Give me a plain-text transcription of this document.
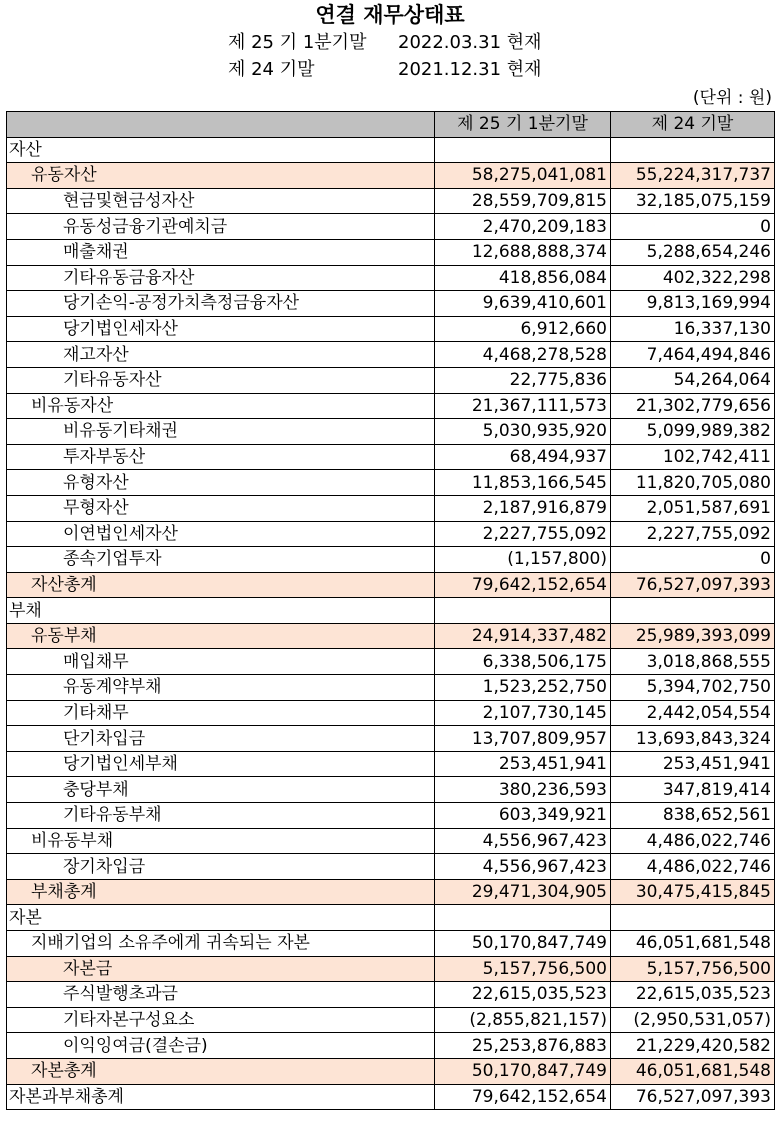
연결 재무상태표
제 25 기 1분기말	2022.03.31 현재
제 24 기말	2021.12.31 현재
(단위 : 원)
	제 25 기 1분기말	제 24 기말
자산		
유동자산	58,275,041,081	55,224,317,737
현금및현금성자산	28,559,709,815	32,185,075,159
유동성금융기관예치금	2,470,209,183	0
매출채권	12,688,888,374	5,288,654,246
기타유동금융자산	418,856,084	402,322,298
당기손익-공정가치측정금융자산	9,639,410,601	9,813,169,994
당기법인세자산	6,912,660	16,337,130
재고자산	4,468,278,528	7,464,494,846
기타유동자산	22,775,836	54,264,064
비유동자산	21,367,111,573	21,302,779,656
비유동기타채권	5,030,935,920	5,099,989,382
투자부동산	68,494,937	102,742,411
유형자산	11,853,166,545	11,820,705,080
무형자산	2,187,916,879	2,051,587,691
이연법인세자산	2,227,755,092	2,227,755,092
종속기업투자	(1,157,800)	0
자산총계	79,642,152,654	76,527,097,393
부채		
유동부채	24,914,337,482	25,989,393,099
매입채무	6,338,506,175	3,018,868,555
유동계약부채	1,523,252,750	5,394,702,750
기타채무	2,107,730,145	2,442,054,554
단기차입금	13,707,809,957	13,693,843,324
당기법인세부채	253,451,941	253,451,941
충당부채	380,236,593	347,819,414
기타유동부채	603,349,921	838,652,561
비유동부채	4,556,967,423	4,486,022,746
장기차입금	4,556,967,423	4,486,022,746
부채총계	29,471,304,905	30,475,415,845
자본		
지배기업의 소유주에게 귀속되는 자본	50,170,847,749	46,051,681,548
자본금	5,157,756,500	5,157,756,500
주식발행초과금	22,615,035,523	22,615,035,523
기타자본구성요소	(2,855,821,157)	(2,950,531,057)
이익잉여금(결손금)	25,253,876,883	21,229,420,582
자본총계	50,170,847,749	46,051,681,548
자본과부채총계	79,642,152,654	76,527,097,393
